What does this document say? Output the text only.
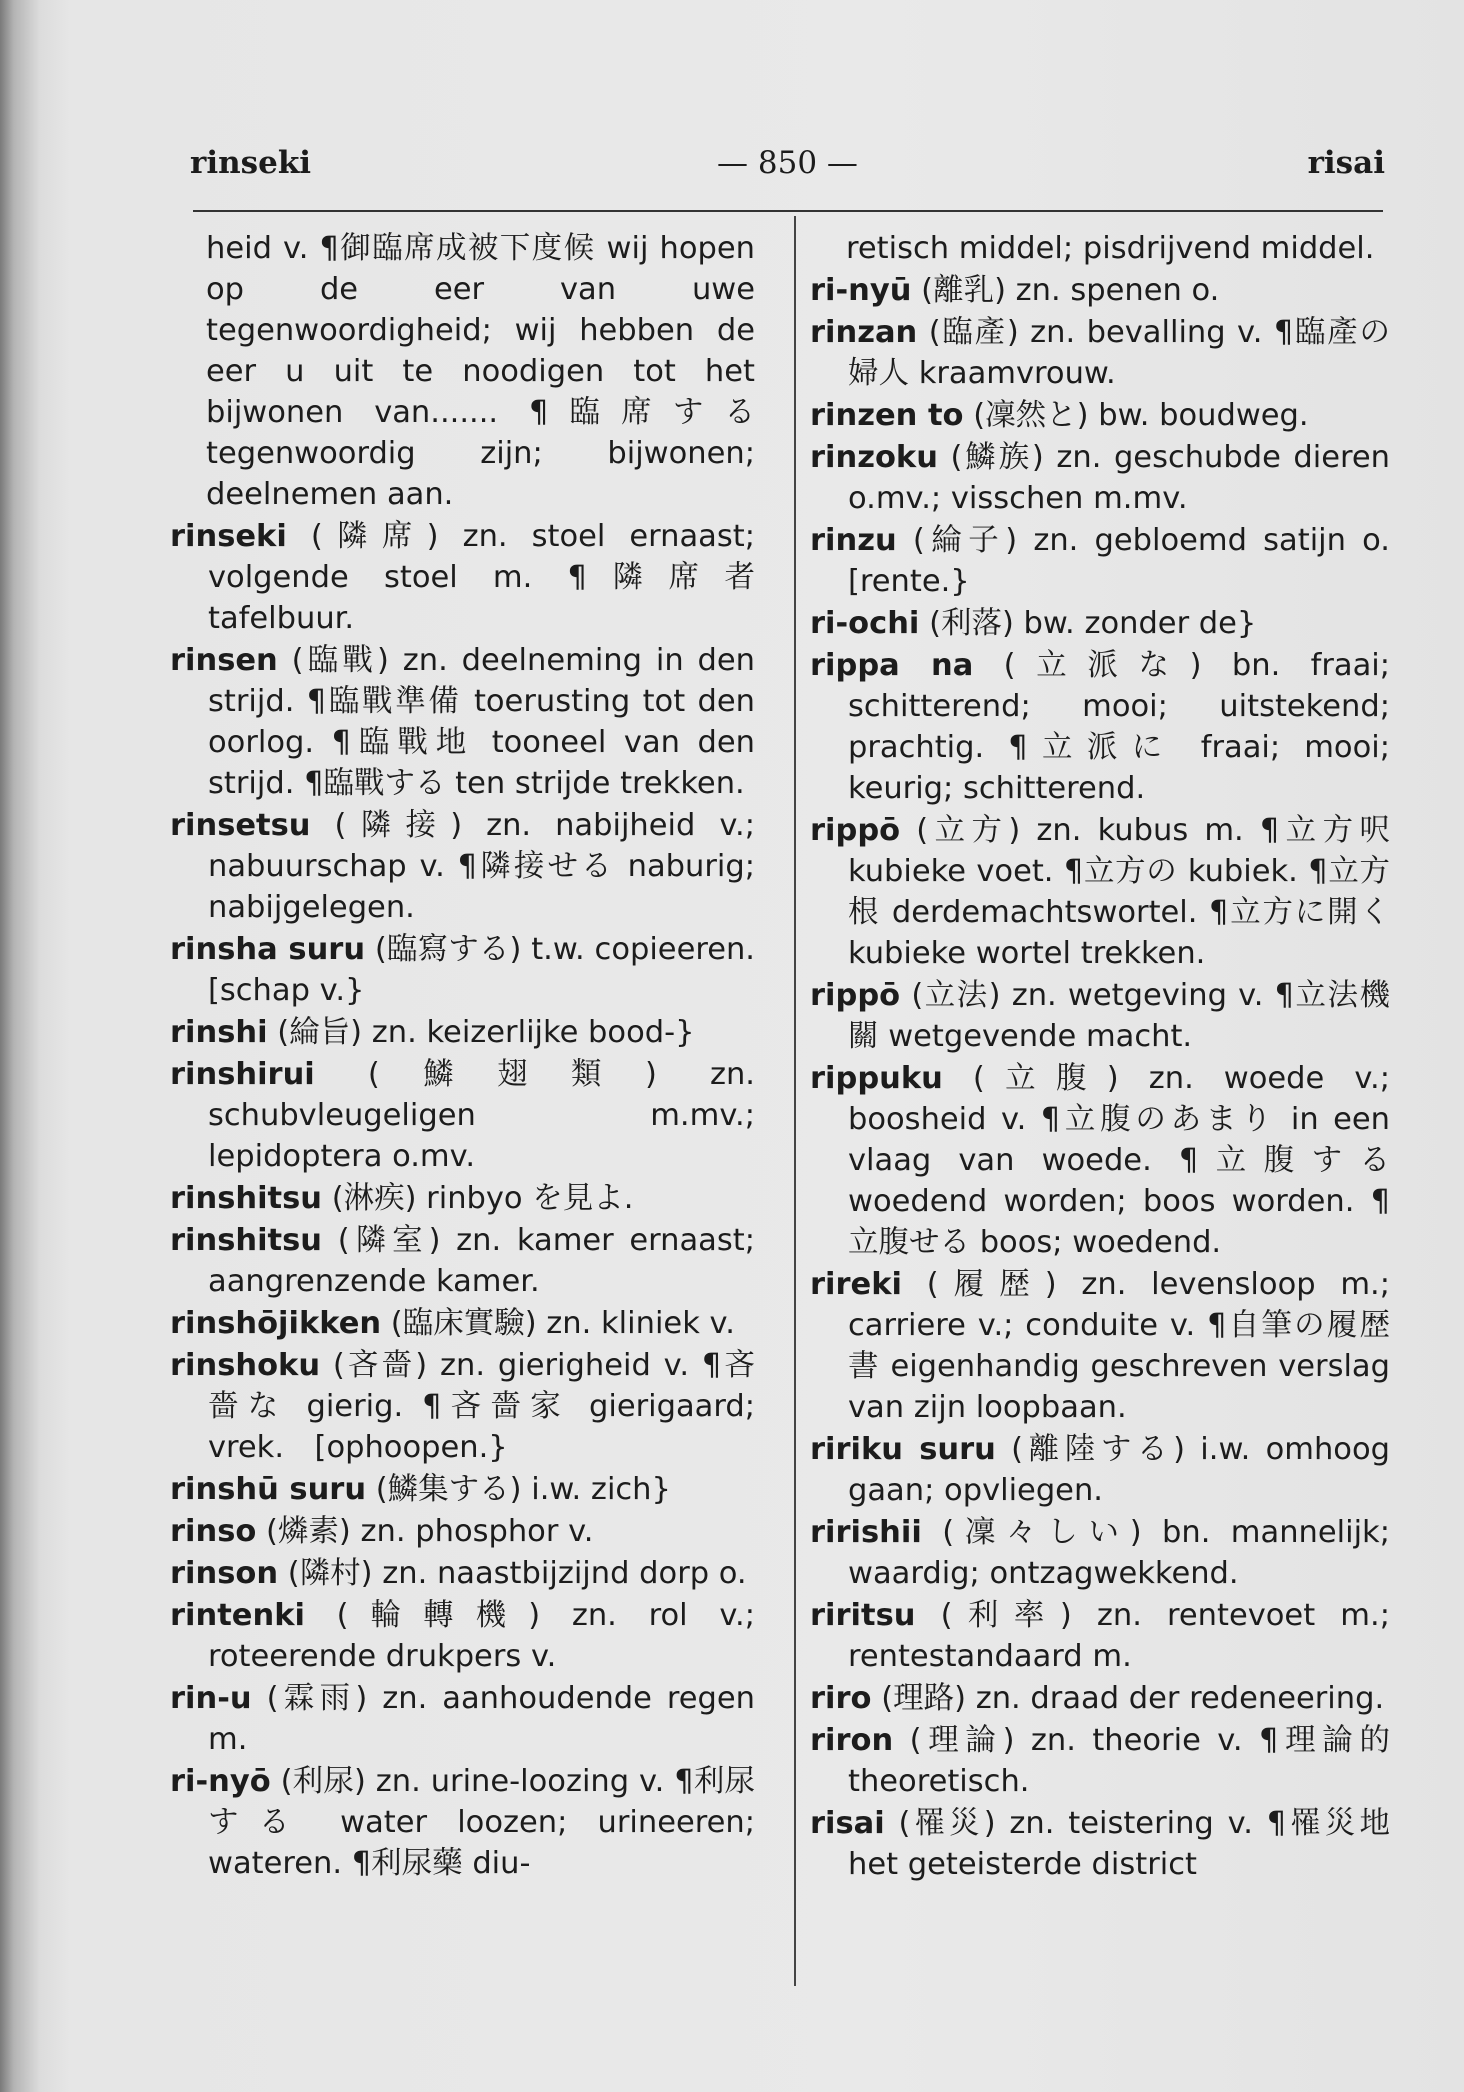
rinseki	— 850 —	risai

heid v. ¶御臨席成被下度候 wij hopen op de eer van uwe tegenwoordigheid; wij hebben de eer u uit te noodigen tot het bijwonen van....... ¶臨席する tegenwoordig zijn; bijwonen; deelnemen aan.

rinseki (隣席) zn. stoel ernaast; volgende stoel m. ¶隣席者 tafelbuur.

rinsen (臨戰) zn. deelneming in den strijd. ¶臨戰準備 toerusting tot den oorlog. ¶臨戰地 tooneel van den strijd. ¶臨戰する ten strijde trekken.

rinsetsu (隣接) zn. nabijheid v.; nabuurschap v. ¶隣接せる naburig; nabijgelegen.

rinsha suru (臨寫する) t.w. copieeren.　[schap v.}

rinshi (綸旨) zn. keizerlijke bood-}

rinshirui (鱗翅類) zn. schubvleugeligen m.mv.; lepidoptera o.mv.

rinshitsu (淋疾) rinbyo を見よ.

rinshitsu (隣室) zn. kamer ernaast; aangrenzende kamer.

rinshōjikken (臨床實驗) zn. kliniek v.

rinshoku (吝嗇) zn. gierigheid v. ¶吝嗇な gierig. ¶吝嗇家 gierigaard; vrek.　[ophoopen.}

rinshū suru (鱗集する) i.w. zich}

rinso (燐素) zn. phosphor v.

rinson (隣村) zn. naastbijzijnd dorp o.

rintenki (輪轉機) zn. rol v.; roteerende drukpers v.

rin-u (霖雨) zn. aanhoudende regen m.

ri-nyō (利尿) zn. urine-loozing v. ¶利尿する water loozen; urineeren; wateren. ¶利尿藥 diu-

retisch middel; pisdrijvend middel.

ri-nyū (離乳) zn. spenen o.

rinzan (臨產) zn. bevalling v. ¶臨產の婦人 kraamvrouw.

rinzen to (凜然と) bw. boudweg.

rinzoku (鱗族) zn. geschubde dieren o.mv.; visschen m.mv.

rinzu (綸子) zn. gebloemd satijn o.　[rente.}

ri-ochi (利落) bw. zonder de}

rippa na (立派な) bn. fraai; schitterend; mooi; uitstekend; prachtig. ¶立派に fraai; mooi; keurig; schitterend.

rippō (立方) zn. kubus m. ¶立方呎 kubieke voet. ¶立方の kubiek. ¶立方根 derdemachtswortel. ¶立方に開く kubieke wortel trekken.

rippō (立法) zn. wetgeving v. ¶立法機關 wetgevende macht.

rippuku (立腹) zn. woede v.; boosheid v. ¶立腹のあまり in een vlaag van woede. ¶立腹する woedend worden; boos worden. ¶立腹せる boos; woedend.

rireki (履歴) zn. levensloop m.; carriere v.; conduite v. ¶自筆の履歴書 eigenhandig geschreven verslag van zijn loopbaan.

ririku suru (離陸する) i.w. omhoog gaan; opvliegen.

ririshii (凜々しい) bn. mannelijk; waardig; ontzagwekkend.

riritsu (利率) zn. rentevoet m.; rentestandaard m.

riro (理路) zn. draad der redeneering.

riron (理論) zn. theorie v. ¶理論的 theoretisch.

risai (罹災) zn. teistering v. ¶罹災地 het geteisterde district
